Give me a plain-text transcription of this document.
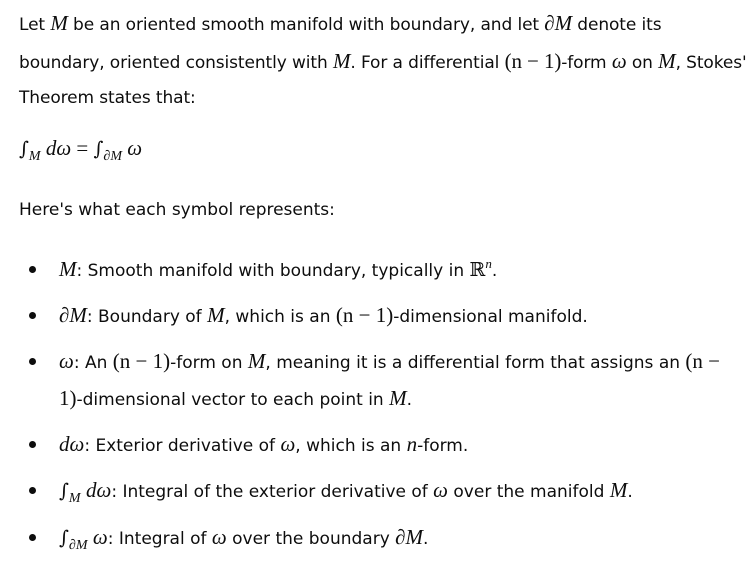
Let M be an oriented smooth manifold with boundary, and let ∂M denote its boundary, oriented consistently with M. For a differential (n − 1)-form ω on M, Stokes' Theorem states that:

$\int_M$ $d\omega = \int_{\partial M}$ ω
Here's what each symbol represents:
M: Smooth manifold with boundary, typically in ℝ$^n$.
∂M: Boundary of M, which is an (n − 1)-dimensional manifold.
ω: An (n − 1)-form on M, meaning it is a differential form that assigns an (n − 1)-dimensional vector to each point in M.
dω: Exterior derivative of ω, which is an n-form.
$\int_M$ dω: Integral of the exterior derivative of ω over the manifold M.
$\int_{\partial M}$ ω: Integral of ω over the boundary ∂M.
